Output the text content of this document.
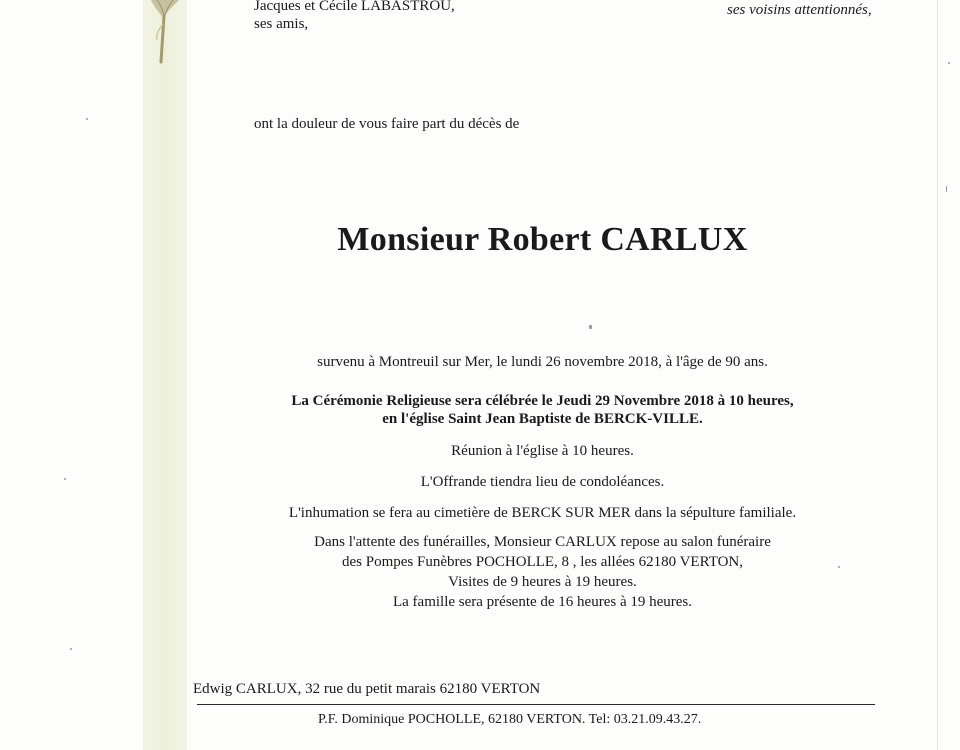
Jacques et Cécile LABASTROU,
ses amis,
ses voisins attentionnés,
ont la douleur de vous faire part du décès de
Monsieur Robert CARLUX
survenu à Montreuil sur Mer, le lundi 26 novembre 2018, à l'âge de 90 ans.
La Cérémonie Religieuse sera célébrée le Jeudi 29 Novembre 2018 à 10 heures,
en l'église Saint Jean Baptiste de BERCK-VILLE.
Réunion à l'église à 10 heures.
L'Offrande tiendra lieu de condoléances.
L'inhumation se fera au cimetière de BERCK SUR MER dans la sépulture familiale.
Dans l'attente des funérailles, Monsieur CARLUX repose au salon funéraire
des Pompes Funèbres POCHOLLE, 8 , les allées 62180 VERTON,
Visites de 9 heures à 19 heures.
La famille sera présente de 16 heures à 19 heures.
Edwig CARLUX, 32 rue du petit marais 62180 VERTON
P.F. Dominique POCHOLLE, 62180 VERTON. Tel: 03.21.09.43.27.
